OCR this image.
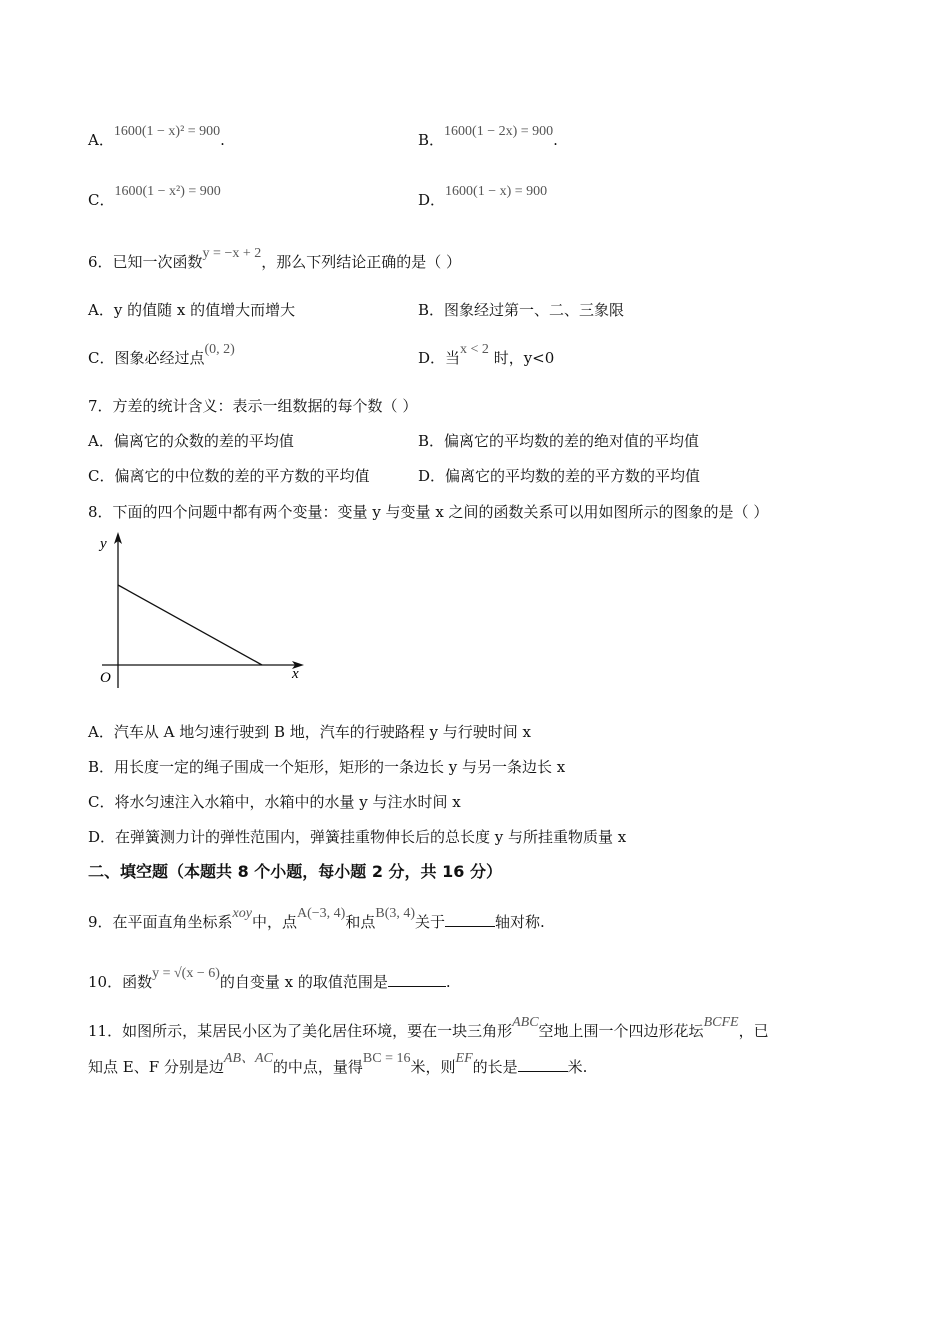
A．1600(1 − x)² = 900.	B．1600(1 − 2x) = 900.
C．1600(1 − x²) = 900	D．1600(1 − x) = 900
6．已知一次函数y = −x + 2，那么下列结论正确的是（ ）
A．y 的值随 x 的值增大而增大	B．图象经过第一、二、三象限
C．图象必经过点(0, 2)	D．当x < 2 时，y<0
7．方差的统计含义：表示一组数据的每个数（ ）
A．偏离它的众数的差的平均值	B．偏离它的平均数的差的绝对值的平均值
C．偏离它的中位数的差的平方数的平均值	D．偏离它的平均数的差的平方数的平均值
8．下面的四个问题中都有两个变量：变量 y 与变量 x 之间的函数关系可以用如图所示的图象的是（ ）
y
x
O
A．汽车从 A 地匀速行驶到 B 地，汽车的行驶路程 y 与行驶时间 x
B．用长度一定的绳子围成一个矩形，矩形的一条边长 y 与另一条边长 x
C．将水匀速注入水箱中，水箱中的水量 y 与注水时间 x
D．在弹簧测力计的弹性范围内，弹簧挂重物伸长后的总长度 y 与所挂重物质量 x
二、填空题（本题共 8 个小题，每小题 2 分，共 16 分）
9．在平面直角坐标系xoy中，点A(−3, 4)和点B(3, 4)关于	轴对称.
10．函数y = √(x − 6)的自变量 x 的取值范围是	.
11．如图所示，某居民小区为了美化居住环境，要在一块三角形ABC空地上围一个四边形花坛BCFE，已
知点 E、F 分别是边AB、AC的中点，量得BC = 16米，则EF的长是	米.
